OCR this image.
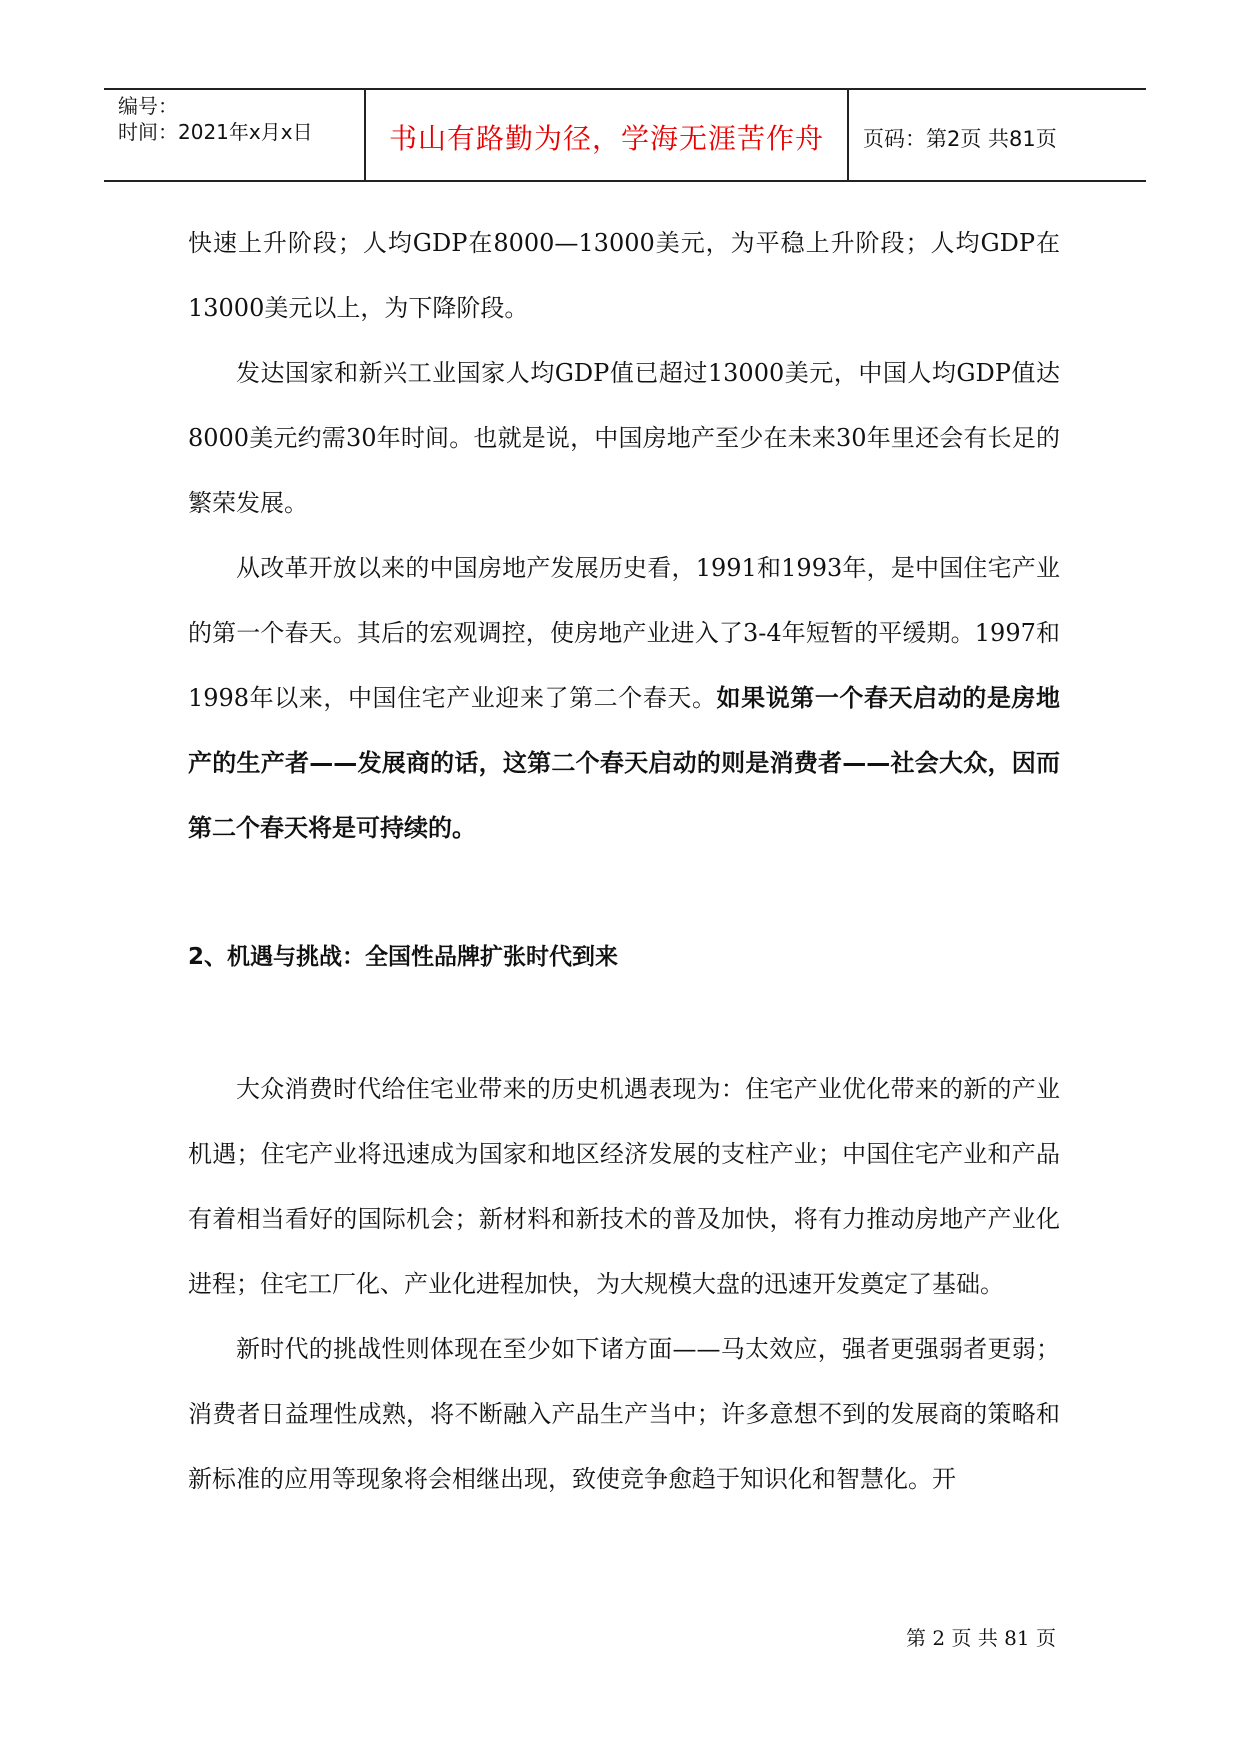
编号：
时间：2021年x月x日	书山有路勤为径，学海无涯苦作舟	页码：第2页 共81页

快速上升阶段；人均GDP在8000—13000美元，为平稳上升阶段；人均GDP在13000美元以上，为下降阶段。

发达国家和新兴工业国家人均GDP值已超过13000美元，中国人均GDP值达8000美元约需30年时间。也就是说，中国房地产至少在未来30年里还会有长足的繁荣发展。

从改革开放以来的中国房地产发展历史看，1991和1993年，是中国住宅产业的第一个春天。其后的宏观调控，使房地产业进入了3-4年短暂的平缓期。1997和1998年以来，中国住宅产业迎来了第二个春天。如果说第一个春天启动的是房地产的生产者——发展商的话，这第二个春天启动的则是消费者——社会大众，因而第二个春天将是可持续的。

2、机遇与挑战：全国性品牌扩张时代到来

大众消费时代给住宅业带来的历史机遇表现为：住宅产业优化带来的新的产业机遇；住宅产业将迅速成为国家和地区经济发展的支柱产业；中国住宅产业和产品有着相当看好的国际机会；新材料和新技术的普及加快，将有力推动房地产产业化进程；住宅工厂化、产业化进程加快，为大规模大盘的迅速开发奠定了基础。

新时代的挑战性则体现在至少如下诸方面——马太效应，强者更强弱者更弱；消费者日益理性成熟，将不断融入产品生产当中；许多意想不到的发展商的策略和新标准的应用等现象将会相继出现，致使竞争愈趋于知识化和智慧化。开

第 2 页 共 81 页
